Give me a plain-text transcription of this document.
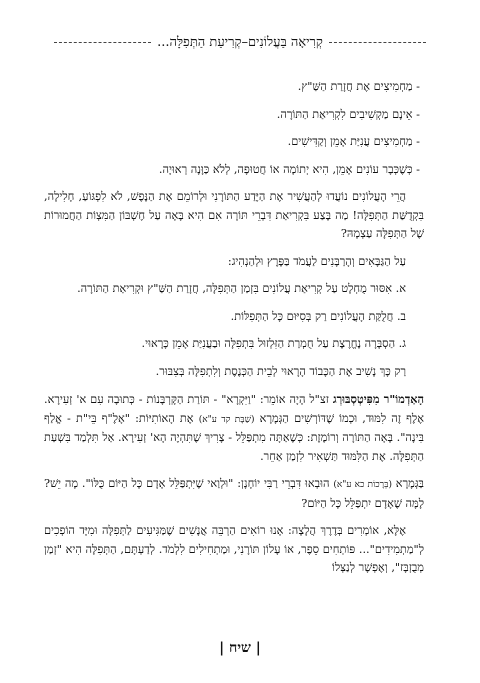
קְרִיאָה בַּעֲלוֹנִים
–
קְרִיעַת הַתְּפִלָּה...

- מַחְמִיצִים אֶת חֲזָרַת הַשַּׁ"ץ.

- אֵינָם מַקְשִׁיבִים לִקְרִיאַת הַתּוֹרָה.

- מַחְמִיצִים עֲנִיַּת אָמֵן וְקַדִּישִׁים.

- כְּשֶׁכְּבָר עוֹנִים אָמֵן, הִיא יְתוֹמָה אוֹ חֲטוּפָה, לְלֹא כַּוָּנָה רְאוּיָה.

הֲרֵי הָעֲלוֹנִים נוֹעֲדוּ לְהַעֲשִׁיר אֶת הַיֶּדַע הַתּוֹרָנִי וּלְרוֹמֵם אֶת הַנֶּפֶשׁ, לֹא לִפְגּוֹעַ, חָלִילָה, בִּקְדֻשַּׁת הַתְּפִלָּה! מַה בֶּצַע בִּקְרִיאַת דִּבְרֵי תּוֹרָה אִם הִיא בָּאָה עַל חֶשְׁבּוֹן הַמִּצְוֹת הַחֲמוּרוֹת שֶׁל הַתְּפִלָּה עַצְמָהּ?

עַל הַגַּבָּאִים וְהָרַבָּנִים לַעֲמֹד בַּפֶּרֶץ וּלְהַנְהִיג:

א. אִסּוּר מֻחְלָט עַל קְרִיאַת עֲלוֹנִים בִּזְמַן הַתְּפִלָּה, חֲזָרַת הַשַּׁ"ץ וּקְרִיאַת הַתּוֹרָה.

ב. חֲלֻקַּת הָעֲלוֹנִים רַק בְּסִיּוּם כָּל הַתְּפִלּוֹת.

ג. הַסְבָּרָה נֶחֱרֶצֶת עַל חֻמְרַת הַזִּלְזוּל בִּתְפִלָּה וּבַעֲנִיַּת אָמֵן כָּרָאוּי.

רַק כָּךְ נָשִׁיב אֶת הַכָּבוֹד הָרָאוּי לְבֵית הַכְּנֶסֶת וְלִתְפִלָּה בְּצִבּוּר.

הָאַדְמוֹ"ר מִפִּיטְסְבּוּרְג זצ"ל הָיָה אוֹמֵר: "וַיִּקְרָא" - תּוֹרַת הַקָּרְבָּנוֹת - כְּתוּבָה עִם א' זְעִירָא. אֶלֶף זֶה לִמּוּד, וּכְמוֹ שֶׁדּוֹרְשִׁים הַגְּמָרָא (שַׁבָּת קד ע"א) אֶת הָאוֹתִיּוֹת: "אָלֶ"ף בֵּי"ת - אֱלַף בִּינָה". בָּאָה הַתּוֹרָה וְרוֹמֶזֶת: כְּשֶׁאַתָּה מִתְפַּלֵּל - צָרִיךְ שֶׁתִּהְיֶה הָא' זְעִירָא. אַל תִּלְמַד בִּשְׁעַת הַתְּפִלָּה. אֶת הַלִּמּוּד תַּשְׁאִיר לִזְמַן אַחֵר.

בַּגְּמָרָא (בְּרָכוֹת כא ע"א) הוּבְאוּ דִּבְרֵי רַבִּי יוֹחָנָן: "וּלְוַאי שֶׁיִּתְפַּלֵּל אָדָם כָּל הַיּוֹם כֻּלּוֹ". מָה יֵשׁ? לָמָּה שֶׁאָדָם יִתְפַּלֵּל כָּל הַיּוֹם?

אֶלָּא, אוֹמְרִים בְּדֶרֶךְ הֲלָצָה: אָנוּ רוֹאִים הַרְבֵּה אֲנָשִׁים שֶׁמַּגִּיעִים לַתְּפִלָּה וּמִיָּד הוֹפְכִים לְ"מַתְמִידִים"... פּוֹתְחִים סֵפֶר, אוֹ עָלוֹן תּוֹרָנִי, וּמַתְחִילִים לִלְמֹד. לְדַעְתָּם, הַתְּפִלָּה הִיא "זְמַן מְבֻזְבָּז", וְאֶפְשָׁר לְנַצְּלוֹ

| שיח |
